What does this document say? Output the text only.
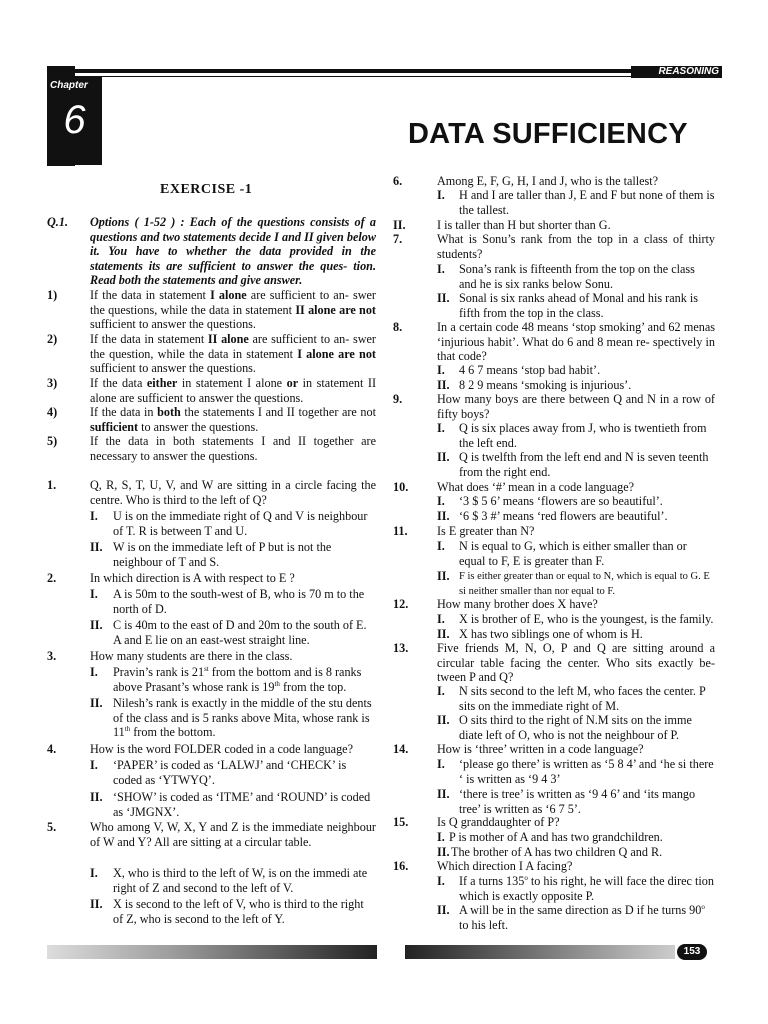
REASONING
Chapter
6	DATA SUFFICIENCY
EXERCISE -1
Q.1. Options ( 1-52 ) : Each of the questions consists of a questions and two statements decide I and II given below it. You have to whether the data provided in the statements its are sufficient to answer the ques- tion. Read both the statements and give answer.
1)	If the data in statement I alone are sufficient to an- swer the questions, while the data in statement II alone are not sufficient to answer the questions.
2)	If the data in statement II alone are sufficient to an- swer the question, while the data in statement I alone are not sufficient to answer the questions.
3)	If the data either in statement I alone or in statement II alone are sufficient to answer the questions.
4)	If the data in both the statements I and II together are not sufficient to answer the questions.
5)	If the data in both statements I and II together are necessary to answer the questions.
1.	Q, R, S, T, U, V, and W are sitting in a circle facing the centre. Who is third to the left of Q?
I. U is on the immediate right of Q and V is neighbour of T. R is between T and U.
II. W is on the immediate left of P but is not the neighbour of T and S.
2.	In which direction is A with respect to E ?
I. A is 50m to the south-west of B, who is 70 m to the north of D.
II. C is 40m to the east of D and 20m to the south of E. A and E lie on an east-west straight line.
3.	How many students are there in the class.
I. Pravin’s rank is 21st from the bottom and is 8 ranks above Prasant’s whose rank is 19th from the top.
II. Nilesh’s rank is exactly in the middle of the stu dents of the class and is 5 ranks above Mita, whose rank is 11th from the bottom.
4.	How is the word FOLDER coded in a code language?
I. ‘PAPER’ is coded as ‘LALWJ’ and ‘CHECK’ is coded as ‘YTWYQ’.
II. ‘SHOW’ is coded as ‘ITME’ and ‘ROUND’ is coded as ‘JMGNX’.
5.	Who among V, W, X, Y and Z is the immediate neighbour of W and Y? All are sitting at a circular table.
I. X, who is third to the left of W, is on the immedi ate right of Z and second to the left of V.
II. X is second to the left of V, who is third to the right of Z, who is second to the left of Y.
6.	Among E, F, G, H, I and J, who is the tallest?
I. H and I are taller than J, E and F but none of them is the tallest.
II.	I is taller than H but shorter than G.
7.	What is Sonu’s rank from the top in a class of thirty students?
I. Sona’s rank is fifteenth from the top on the class and he is six ranks below Sonu.
II. Sonal is six ranks ahead of Monal and his rank is fifth from the top in the class.
8.	In a certain code 48 means ‘stop smoking’ and 62 menas ‘injurious habit’. What do 6 and 8 mean re- spectively in that code?
I. 4 6 7 means ‘stop bad habit’.
II. 8 2 9 means ‘smoking is injurious’.
9.	How many boys are there between Q and N in a row of fifty boys?
I. Q is six places away from J, who is twentieth from the left end.
II. Q is twelfth from the left end and N is seven teenth from the right end.
10. What does ‘#’ mean in a code language?
I. ‘3 $ 5 6’ means ‘flowers are so beautiful’.
II. ‘6 $ 3 #’ means ‘red flowers are beautiful’.
11. Is E greater than N?
I. N is equal to G, which is either smaller than or equal to F, E is greater than F.
II. F is either greater than or equal to N, which is equal to G. E si neither smaller than nor equal to F.
12. How many brother does X have?
I. X is brother of E, who is the youngest, is the family.
II. X has two siblings one of whom is H.
13. Five friends M, N, O, P and Q are sitting around a circular table facing the center. Who sits exactly be- tween P and Q?
I. N sits second to the left M, who faces the center. P sits on the immediate right of M.
II. O sits third to the right of N.M sits on the imme diate left of O, who is not the neighbour of P.
14. How is ‘three’ written in a code language?
I. ‘please go there’ is written as ‘5 8 4’ and ‘he si there ‘ is written as ‘9 4 3’
II. ‘there is tree’ is written as ‘9 4 6’ and ‘its mango tree’ is written as ‘6 7 5’.
15. Is Q granddaughter of P?
I. P is mother of A and has two grandchildren.
II. The brother of A has two children Q and R.
16. Which direction I A facing?
I. If a turns 135$^o$ to his right, he will face the direc tion which is exactly opposite P.
II. A will be in the same direction as D if he turns 90$^o$ to his left.
153
